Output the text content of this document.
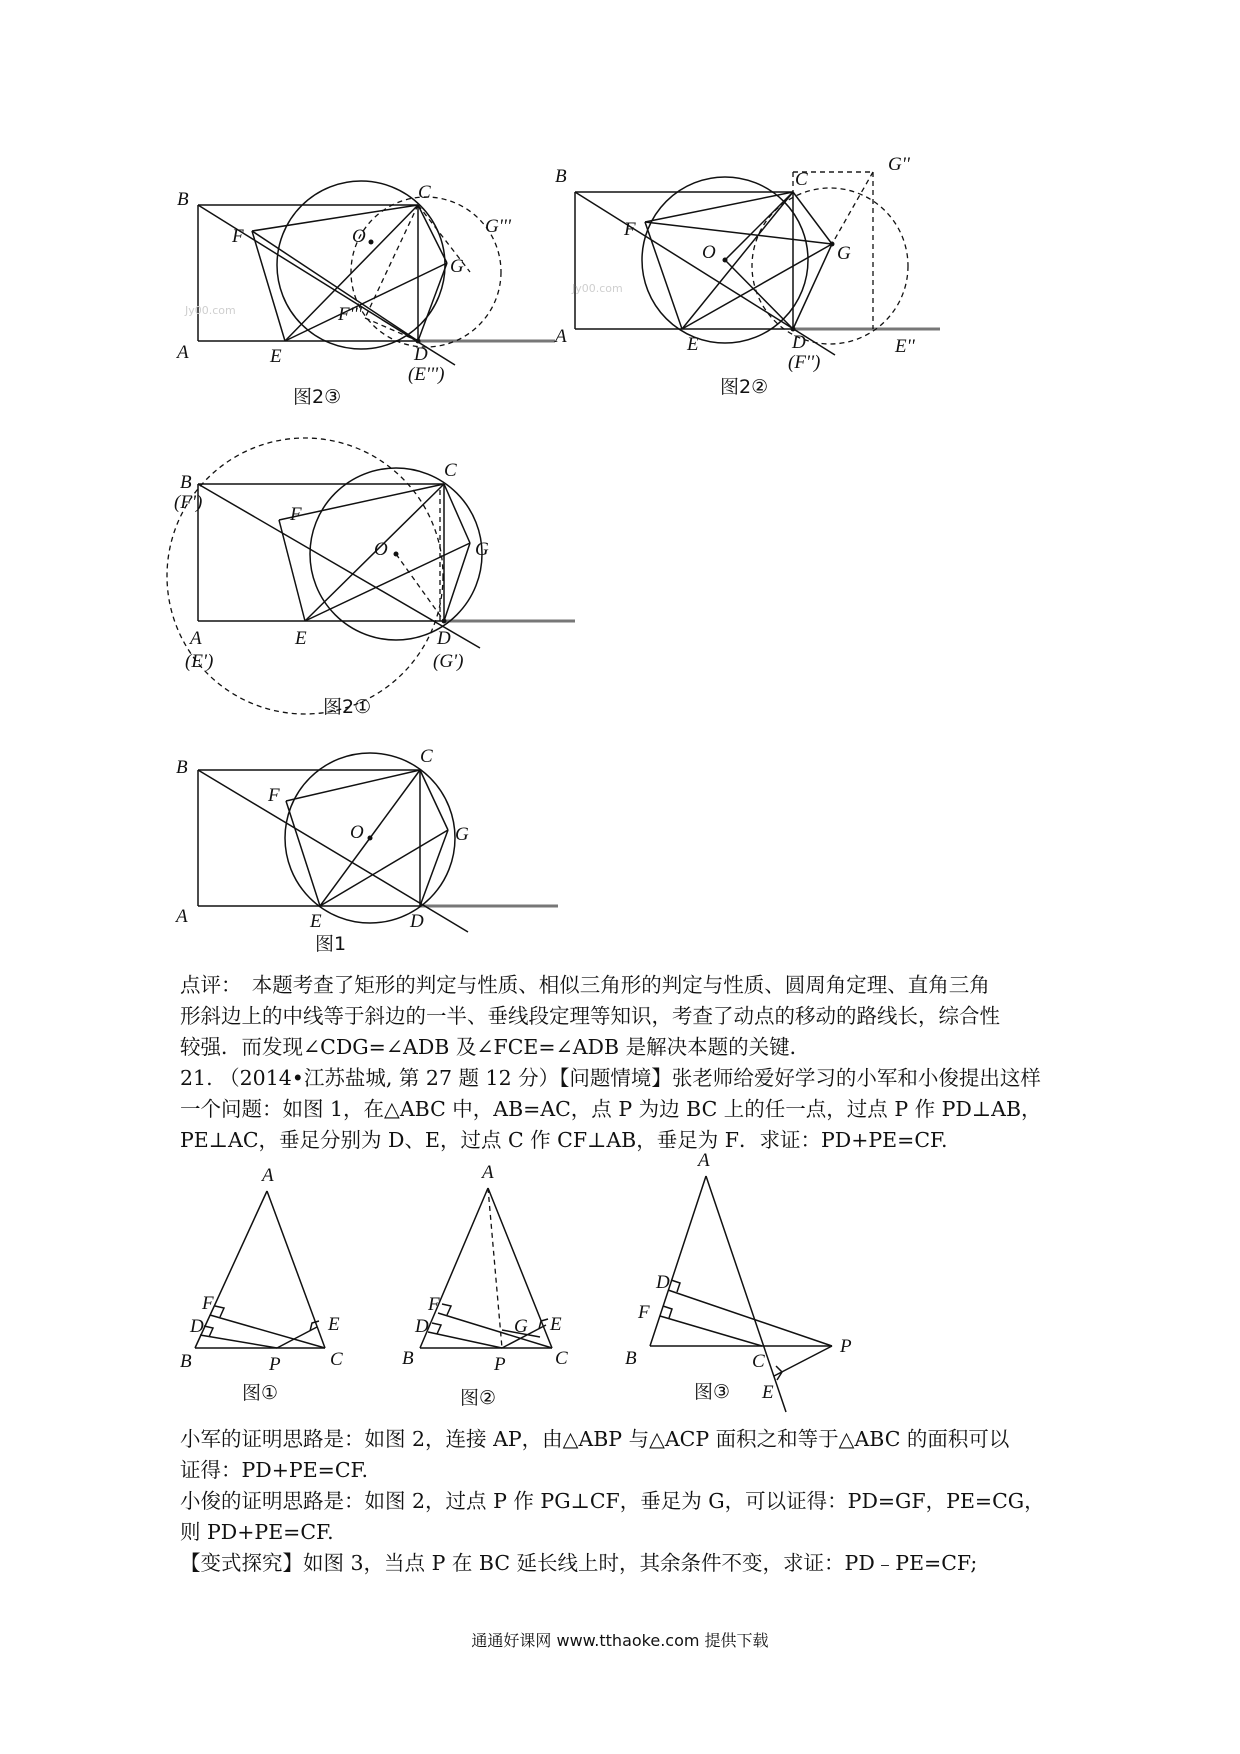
B
A
C
F	O
G
G'''
F'''
E	D
(E''')
Jy00.com
图2③
B
A
C
G''
F
O	G
E	D
(F'')
E''
Jy00.com
图2②
B
(F')
C
F
O	G
A
(E')
E	D
(G')
图2①
B
A
C
F
O	G
E	D
图1

点评：　本题考查了矩形的判定与性质、相似三角形的判定与性质、圆周角定理、直角三角

形斜边上的中线等于斜边的一半、垂线段定理等知识，考查了动点的移动的路线长，综合性

较强．而发现∠CDG=∠ADB 及∠FCE=∠ADB 是解决本题的关键．

21. （2014•江苏盐城, 第 27 题 12 分）【问题情境】张老师给爱好学习的小军和小俊提出这样

一个问题：如图 1，在△ABC 中，AB=AC，点 P 为边 BC 上的任一点，过点 P 作 PD⊥AB，

PE⊥AC，垂足分别为 D、E，过点 C 作 CF⊥AB，垂足为 F．求证：PD+PE=CF.

A
F
D	E
B	P	C
图①
A
F
D	G E
B	P	C
图②
A
D
F
B	C
P
E
图③

小军的证明思路是：如图 2，连接 AP，由△ABP 与△ACP 面积之和等于△ABC 的面积可以

证得：PD+PE=CF.

小俊的证明思路是：如图 2，过点 P 作 PG⊥CF，垂足为 G，可以证得：PD=GF，PE=CG，

则 PD+PE=CF.

【变式探究】如图 3，当点 P 在 BC 延长线上时，其余条件不变，求证：PD﹣PE=CF;

通通好课网 www.tthaoke.com 提供下载
